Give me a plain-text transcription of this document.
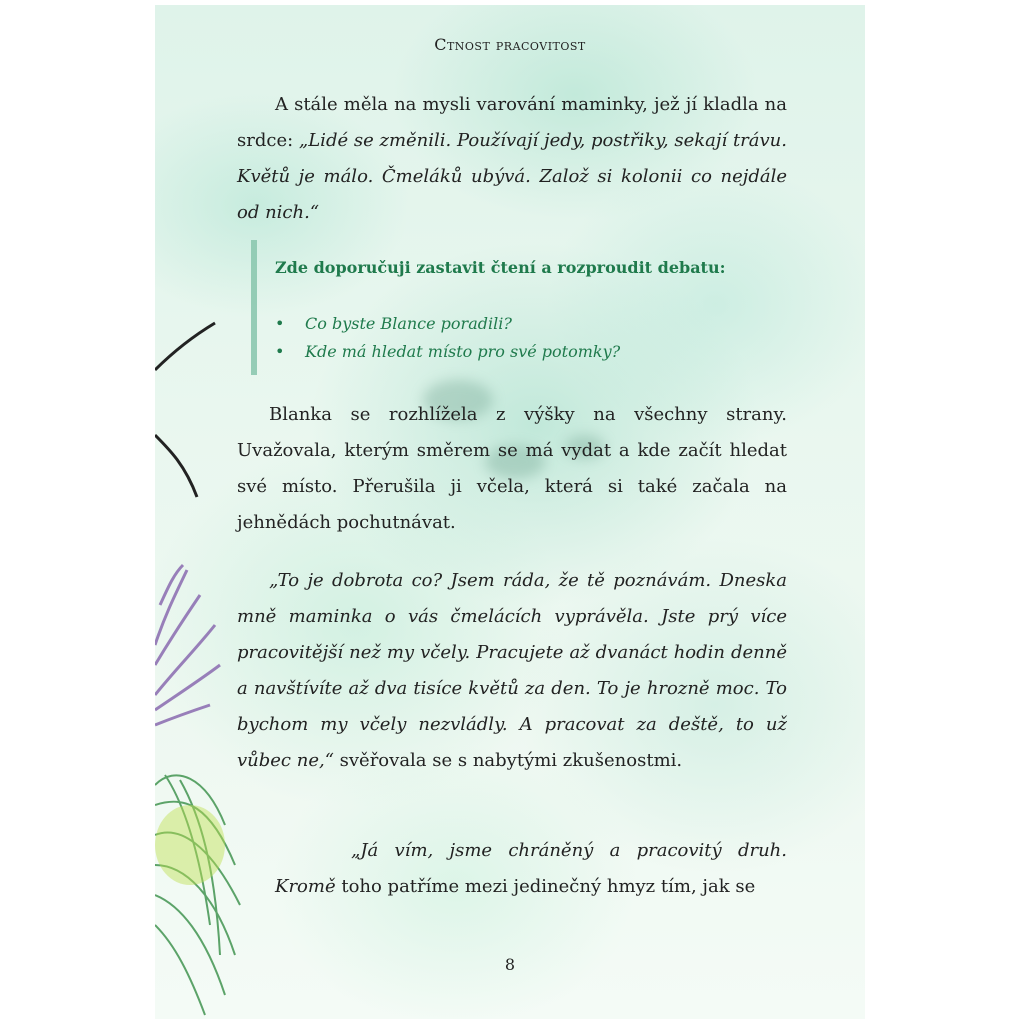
Ctnost pracovitost

A stále měla na mysli varování maminky, jež jí kladla na srdce: „Lidé se změnili. Používají jedy, postřiky, sekají trávu. Květů je málo. Čmeláků ubývá. Založ si kolonii co nejdále od nich.“

Zde doporučuji zastavit čtení a rozproudit debatu:

• Co byste Blance poradili?
• Kde má hledat místo pro své potomky?

Blanka se rozhlížela z výšky na všechny strany. Uvažovala, kterým směrem se má vydat a kde začít hledat své místo. Přerušila ji včela, která si také začala na jehnědách pochutnávat.

„To je dobrota co? Jsem ráda, že tě poznávám. Dneska mně maminka o vás čmelácích vyprávěla. Jste prý více pracovitější než my včely. Pracujete až dvanáct hodin denně a navštívíte až dva tisíce květů za den. To je hrozně moc. To bychom my včely nezvládly. A pracovat za deště, to už vůbec ne,“ svěřovala se s nabytými zkušenostmi.

„Já vím, jsme chráněný a pracovitý druh. Kromě toho patříme mezi jedinečný hmyz tím, jak se

8
